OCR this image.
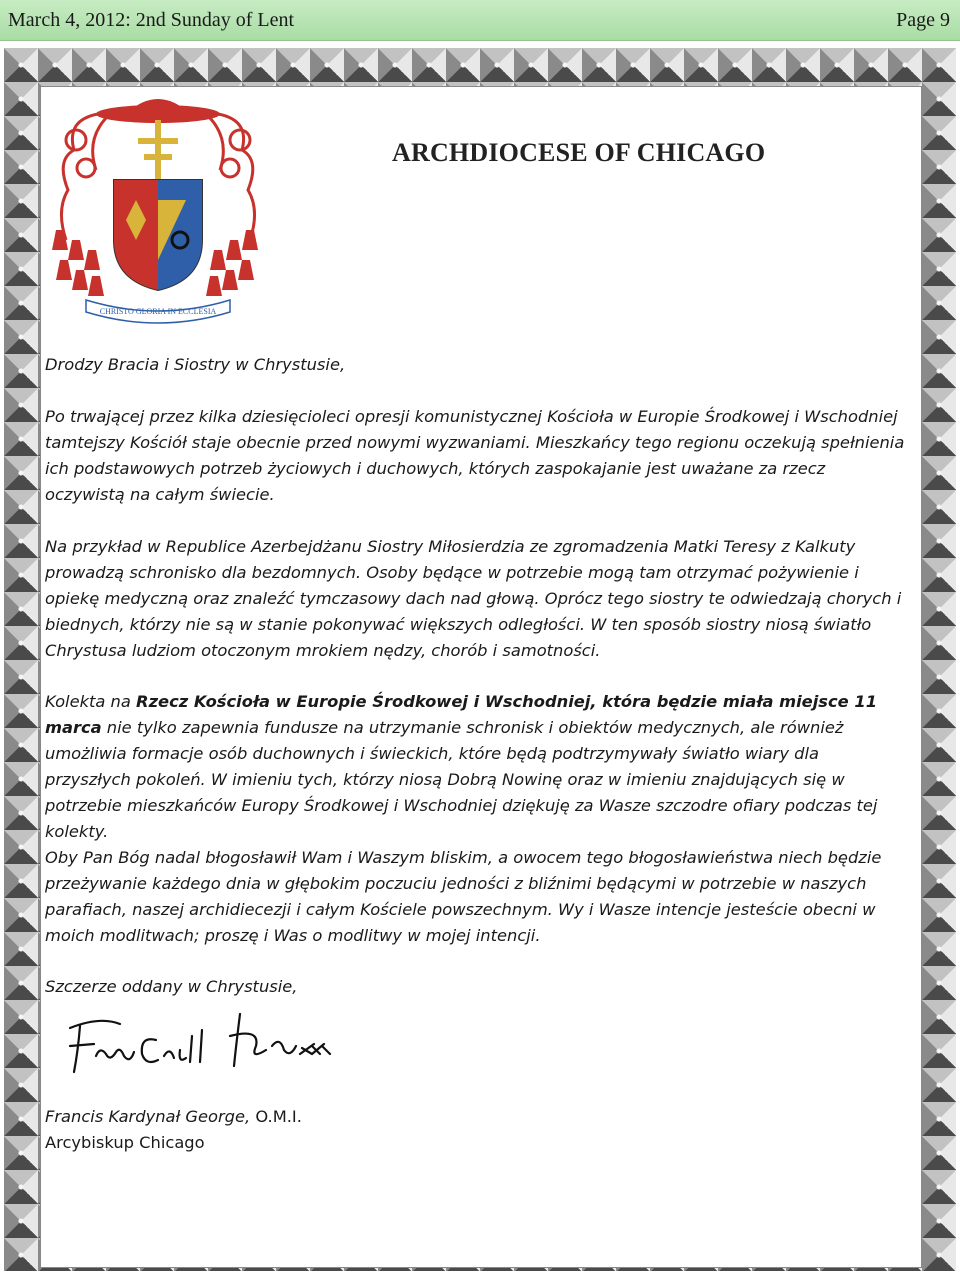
March 4, 2012: 2nd Sunday of Lent	Page 9
CHRISTO GLORIA IN ECCLESIA
ARCHDIOCESE OF CHICAGO
Drodzy Bracia i Siostry w Chrystusie,
Po trwającej przez kilka dziesięcioleci opresji komunistycznej Kościoła w Europie Środkowej i Wschodniej tamtejszy Kościół staje obecnie przed nowymi wyzwaniami. Mieszkańcy tego regionu oczekują spełnienia ich podstawowych potrzeb życiowych i duchowych, których zaspokajanie jest uważane za rzecz oczywistą na całym świecie.
Na przykład w Republice Azerbejdżanu Siostry Miłosierdzia ze zgromadzenia Matki Teresy z Kalkuty prowadzą schronisko dla bezdomnych. Osoby będące w potrzebie mogą tam otrzymać pożywienie i opiekę medyczną oraz znaleźć tymczasowy dach nad głową. Oprócz tego siostry te odwiedzają chorych i biednych, którzy nie są w stanie pokonywać większych odległości. W ten sposób siostry niosą światło Chrystusa ludziom otoczonym mrokiem nędzy, chorób i samotności.
Kolekta na Rzecz Kościoła w Europie Środkowej i Wschodniej, która będzie miała miejsce 11 marca nie tylko zapewnia fundusze na utrzymanie schronisk i obiektów medycznych, ale również umożliwia formacje osób duchownych i świeckich, które będą podtrzymywały światło wiary dla przyszłych pokoleń. W imieniu tych, którzy niosą Dobrą Nowinę oraz w imieniu znajdujących się w potrzebie mieszkańców Europy Środkowej i Wschodniej dziękuję za Wasze szczodre ofiary podczas tej kolekty.
Oby Pan Bóg nadal błogosławił Wam i Waszym bliskim, a owocem tego błogosławieństwa niech będzie przeżywanie każdego dnia w głębokim poczuciu jedności z bliźnimi będącymi w potrzebie w naszych parafiach, naszej archidiecezji i całym Kościele powszechnym. Wy i Wasze intencje jesteście obecni w moich modlitwach; proszę i Was o modlitwy w mojej intencji.
Szczerze oddany w Chrystusie,
Francis Kardynał George, O.M.I.
Arcybiskup Chicago
